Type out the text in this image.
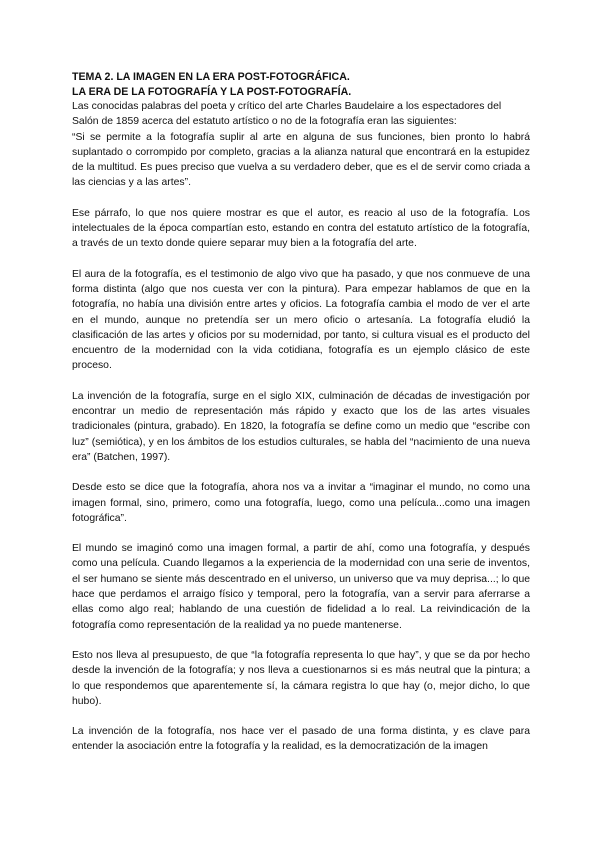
TEMA 2. LA IMAGEN EN LA ERA POST-FOTOGRÁFICA.

LA ERA DE LA FOTOGRAFÍA Y LA POST-FOTOGRAFÍA.

Las conocidas palabras del poeta y crítico del arte Charles Baudelaire a los espectadores del Salón de 1859 acerca del estatuto artístico o no de la fotografía eran las siguientes:

“Si se permite a la fotografía suplir al arte en alguna de sus funciones, bien pronto lo habrá suplantado o corrompido por completo, gracias a la alianza natural que encontrará en la estupidez de la multitud. Es pues preciso que vuelva a su verdadero deber, que es el de servir como criada a las ciencias y a las artes”.

Ese párrafo, lo que nos quiere mostrar es que el autor, es reacio al uso de la fotografía. Los intelectuales de la época compartían esto, estando en contra del estatuto artístico de la fotografía, a través de un texto donde quiere separar muy bien a la fotografía del arte.

El aura de la fotografía, es el testimonio de algo vivo que ha pasado, y que nos conmueve de una forma distinta (algo que nos cuesta ver con la pintura). Para empezar hablamos de que en la fotografía, no había una división entre artes y oficios. La fotografía cambia el modo de ver el arte en el mundo, aunque no pretendía ser un mero oficio o artesanía. La fotografía eludió la clasificación de las artes y oficios por su modernidad, por tanto, si cultura visual es el producto del encuentro de la modernidad con la vida cotidiana, fotografía es un ejemplo clásico de este proceso.

La invención de la fotografía, surge en el siglo XIX, culminación de décadas de investigación por encontrar un medio de representación más rápido y exacto que los de las artes visuales tradicionales (pintura, grabado). En 1820, la fotografía se define como un medio que “escribe con luz” (semiótica), y en los ámbitos de los estudios culturales, se habla del “nacimiento de una nueva era” (Batchen, 1997).

Desde esto se dice que la fotografía, ahora nos va a invitar a “imaginar el mundo, no como una imagen formal, sino, primero, como una fotografía, luego, como una película...como una imagen fotográfica”.

El mundo se imaginó como una imagen formal, a partir de ahí, como una fotografía, y después como una película. Cuando llegamos a la experiencia de la modernidad con una serie de inventos, el ser humano se siente más descentrado en el universo, un universo que va muy deprisa...; lo que hace que perdamos el arraigo físico y temporal, pero la fotografía, van a servir para aferrarse a ellas como algo real; hablando de una cuestión de fidelidad a lo real. La reivindicación de la fotografía como representación de la realidad ya no puede mantenerse.

Esto nos lleva al presupuesto, de que “la fotografía representa lo que hay”, y que se da por hecho desde la invención de la fotografía; y nos lleva a cuestionarnos si es más neutral que la pintura; a lo que respondemos que aparentemente sí, la cámara registra lo que hay (o, mejor dicho, lo que hubo).

La invención de la fotografía, nos hace ver el pasado de una forma distinta, y es clave para entender la asociación entre la fotografía y la realidad, es la democratización de la imagen
